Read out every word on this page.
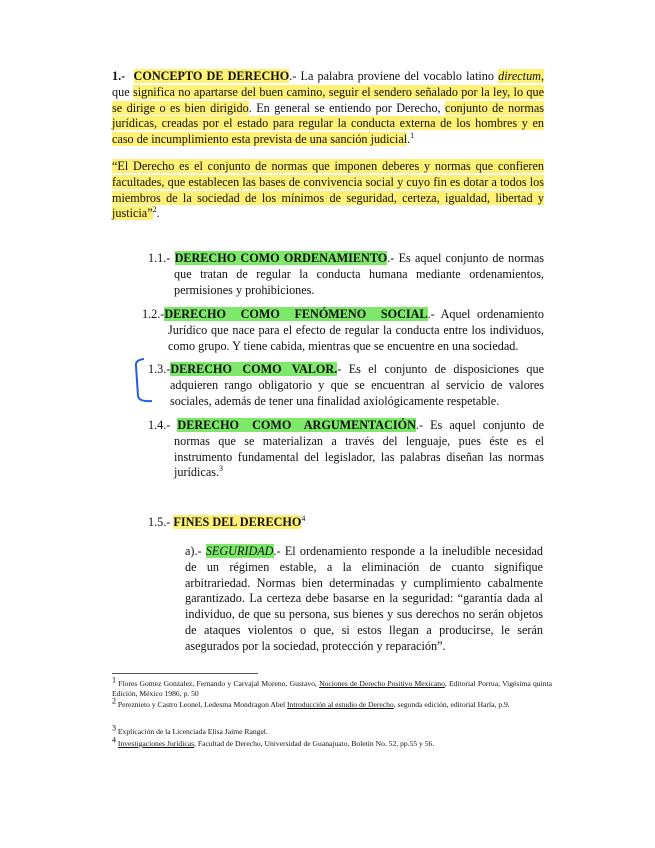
1.- CONCEPTO DE DERECHO.- La palabra proviene del vocablo latino directum, que significa no apartarse del buen camino, seguir el sendero señalado por la ley, lo que se dirige o es bien dirigido. En general se entiendo por Derecho, conjunto de normas jurídicas, creadas por el estado para regular la conducta externa de los hombres y en caso de incumplimiento esta prevista de una sanción judicial.$^1$
“El Derecho es el conjunto de normas que imponen deberes y normas que confieren facultades, que establecen las bases de convivencia social y cuyo fin es dotar a todos los miembros de la sociedad de los mínimos de seguridad, certeza, igualdad, libertad y justicia”$^2$.
1.1.- DERECHO COMO ORDENAMIENTO.- Es aquel conjunto de normas que tratan de regular la conducta humana mediante ordenamientos, permisiones y prohibiciones.
1.2.-DERECHO COMO FENÓMENO SOCIAL.- Aquel ordenamiento Jurídico que nace para el efecto de regular la conducta entre los individuos, como grupo. Y tiene cabida, mientras que se encuentre en una sociedad.
1.3.-DERECHO COMO VALOR.- Es el conjunto de disposiciones que adquieren rango obligatorio y que se encuentran al servicio de valores sociales, además de tener una finalidad axiológicamente respetable.
1.4.- DERECHO COMO ARGUMENTACIÓN.- Es aquel conjunto de normas que se materializan a través del lenguaje, pues éste es el instrumento fundamental del legislador, las palabras diseñan las normas jurídicas.$^3$
1.5.- FINES DEL DERECHO$^4$
a).- SEGURIDAD.- El ordenamiento responde a la ineludible necesidad de un régimen estable, a la eliminación de cuanto signifique arbitrariedad. Normas bien determinadas y cumplimiento cabalmente garantizado. La certeza debe basarse en la seguridad: “garantía dada al individuo, de que su persona, sus bienes y sus derechos no serán objetos de ataques violentos o que, si estos llegan a producirse, le serán asegurados por la sociedad, protección y reparación”.
$^1$ Flores Gomez Gonzalez, Fernando y Carvajal Moreno, Gustavo, Nociones de Derecho Positivo Mexicano, Editorial Porrua, Vigésima quinta Edición, México 1986, p. 50
$^2$ Pereznieto y Castro Leonel, Ledesma Mondragon Abel Introducción al estudio de Derecho, segunda edición, editorial Harla, p.9.
$^3$ Explicación de la Licenciada Elisa Jaime Rangel.
$^4$ Investigaciones Jurídicas, Facultad de Derecho, Universidad de Guanajuato, Boletín No. 52, pp.55 y 56.
